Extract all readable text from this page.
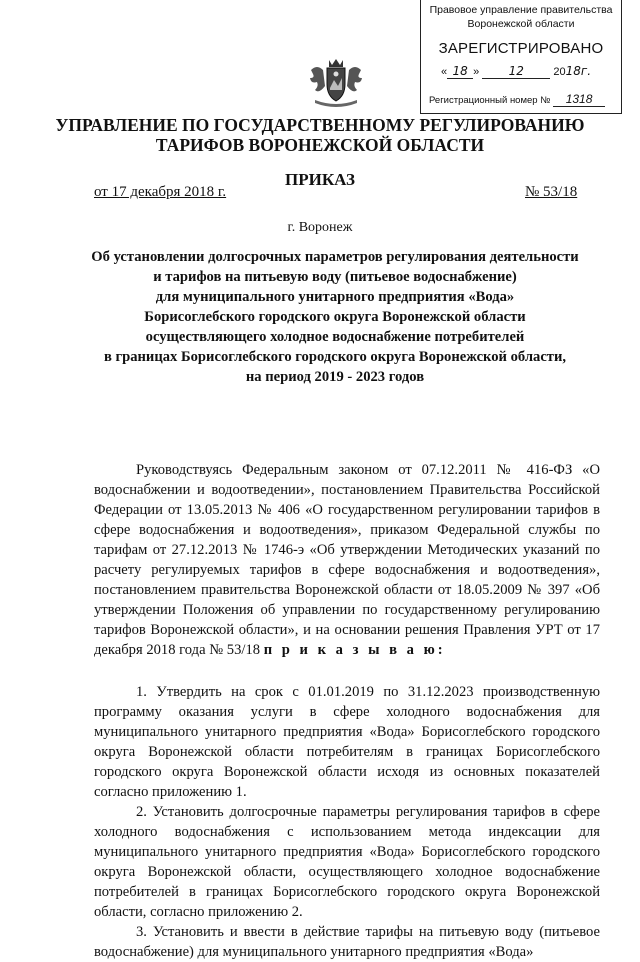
Правовое управление правительства
Воронежской области
ЗАРЕГИСТРИРОВАНО
« 18 » 12	2018г.
Регистрационный номер № 1318
УПРАВЛЕНИЕ ПО ГОСУДАРСТВЕННОМУ РЕГУЛИРОВАНИЮ
ТАРИФОВ ВОРОНЕЖСКОЙ ОБЛАСТИ
ПРИКАЗ
от 17 декабря 2018 г.	№ 53/18
г. Воронеж
Об установлении долгосрочных параметров регулирования деятельности
и тарифов на питьевую воду (питьевое водоснабжение)
для муниципального унитарного предприятия «Вода»
Борисоглебского городского округа Воронежской области
осуществляющего холодное водоснабжение потребителей
в границах Борисоглебского городского округа Воронежской области,
на период 2019 - 2023 годов

Руководствуясь Федеральным законом от 07.12.2011 № 416-ФЗ «О водоснабжении и водоотведении», постановлением Правительства Российской Федерации от 13.05.2013 № 406 «О государственном регулировании тарифов в сфере водоснабжения и водоотведения», приказом Федеральной службы по тарифам от 27.12.2013 № 1746-э «Об утверждении Методических указаний по расчету регулируемых тарифов в сфере водоснабжения и водоотведения», постановлением правительства Воронежской области от 18.05.2009 № 397 «Об утверждении Положения об управлении по государственному регулированию тарифов Воронежской области», и на основании решения Правления УРТ от 17 декабря 2018 года № 53/18 п р и к а з ы в а ю:

1. Утвердить на срок с 01.01.2019 по 31.12.2023 производственную программу оказания услуги в сфере холодного водоснабжения для муниципального унитарного предприятия «Вода» Борисоглебского городского округа Воронежской области потребителям в границах Борисоглебского городского округа Воронежской области исходя из основных показателей согласно приложению 1.

2. Установить долгосрочные параметры регулирования тарифов в сфере холодного водоснабжения с использованием метода индексации для муниципального унитарного предприятия «Вода» Борисоглебского городского округа Воронежской области, осуществляющего холодное водоснабжение потребителей в границах Борисоглебского городского округа Воронежской области, согласно приложению 2.

3. Установить и ввести в действие тарифы на питьевую воду (питьевое водоснабжение) для муниципального унитарного предприятия «Вода»
